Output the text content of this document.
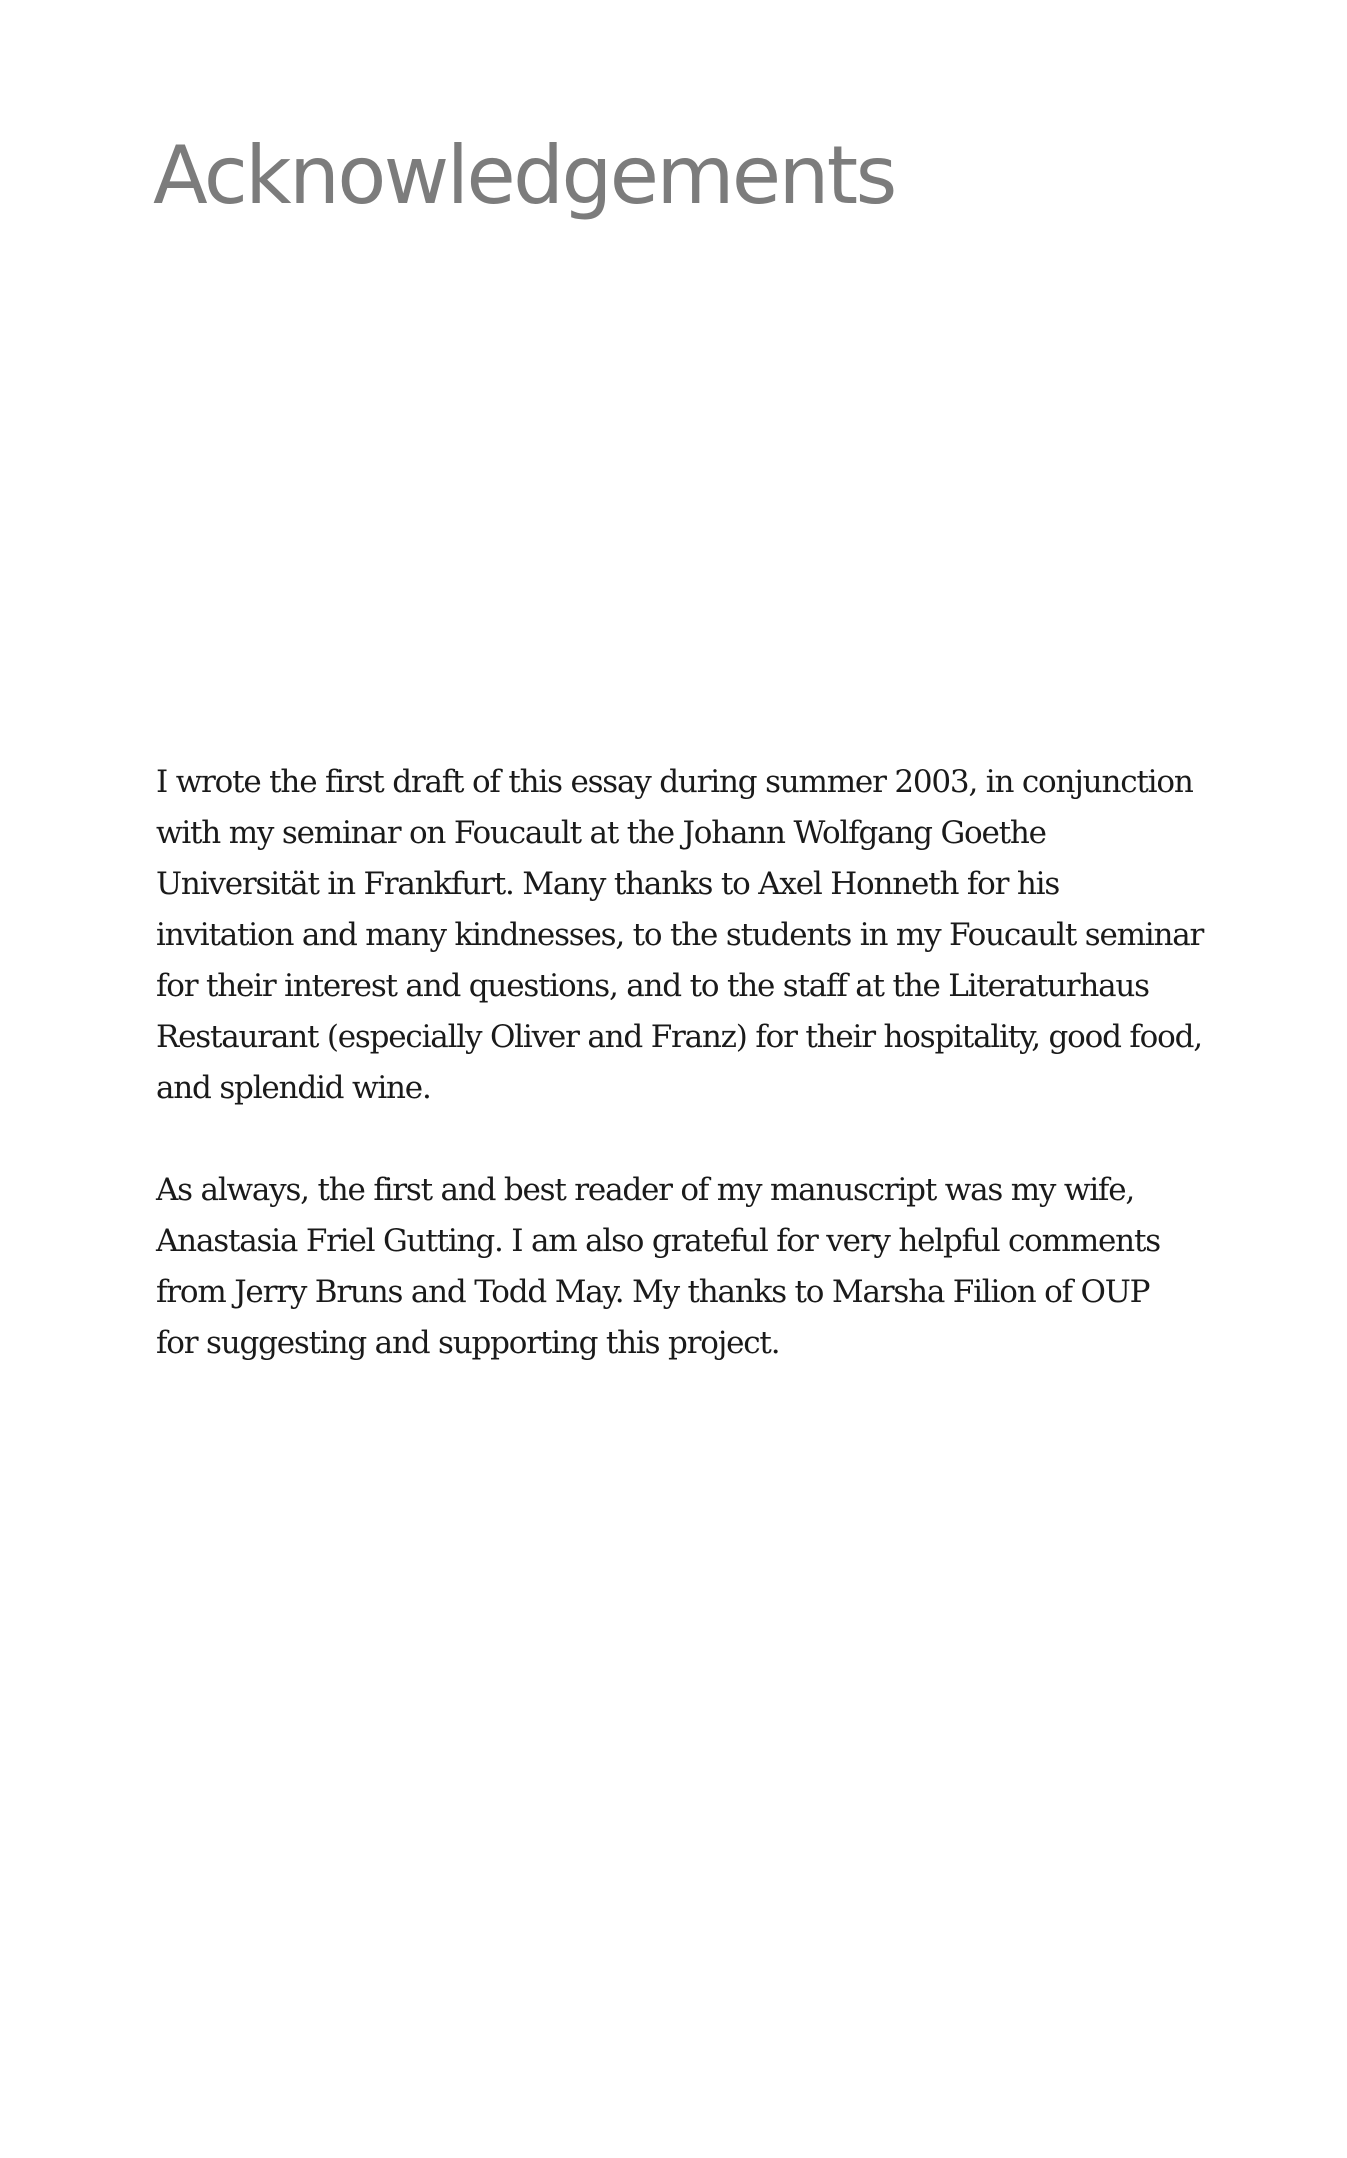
Acknowledgements

I wrote the first draft of this essay during summer 2003, in conjunction
with my seminar on Foucault at the Johann Wolfgang Goethe
Universität in Frankfurt. Many thanks to Axel Honneth for his
invitation and many kindnesses, to the students in my Foucault seminar
for their interest and questions, and to the staff at the Literaturhaus
Restaurant (especially Oliver and Franz) for their hospitality, good food,
and splendid wine.

As always, the first and best reader of my manuscript was my wife,
Anastasia Friel Gutting. I am also grateful for very helpful comments
from Jerry Bruns and Todd May. My thanks to Marsha Filion of OUP
for suggesting and supporting this project.
